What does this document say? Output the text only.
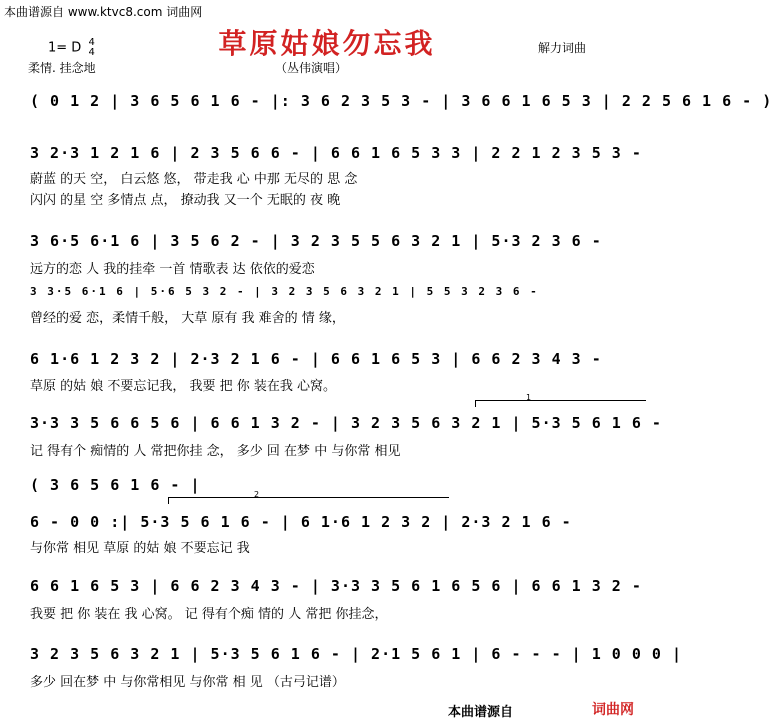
本曲谱源自 www.ktvc8.com 词曲网
草原姑娘勿忘我
1= D 4
4
柔情. 挂念地	（丛伟演唱）
解力词曲
( 0 1 2 | 3 6 5 6 1 6 - |: 3 6 2 3 5 3 - | 3 6 6 1 6 5 3 | 2 2 5 6 1 6 - )
3 2·3 1 2 1 6 | 2 3 5 6 6 - | 6 6 1 6 5 3 3 | 2 2 1 2 3 5 3 -
蔚蓝 的天 空， 白云悠 悠， 带走我 心 中那 无尽的 思 念
闪闪 的星 空 多情点 点， 撩动我 又一个 无眠的 夜 晚
3 6·5 6·1 6 | 3 5 6 2 - | 3 2 3 5 5 6 3 2 1 | 5·3 2 3 6 -
远方的恋 人 我的挂牵 一首 情歌表 达 依依的爱恋
3 3·5 6·1 6 | 5·6 5 3 2 - | 3 2 3 5 6 3 2 1 | 5 5 3 2 3 6 -
曾经的爱 恋，柔情千般， 大草 原有 我 难舍的 情 缘，
6 1·6 1 2 3 2 | 2·3 2 1 6 - | 6 6 1 6 5 3 | 6 6 2 3 4 3 -
草原 的姑 娘 不要忘记我， 我要 把 你 装在我 心窝。
1
3·3 3 5 6 6 5 6 | 6 6 1 3 2 - | 3 2 3 5 6 3 2 1 | 5·3 5 6 1 6 -
记 得有个 痴情的 人 常把你挂 念， 多少 回 在梦 中 与你常 相见
( 3 6 5 6 1 6 - |
2
6 - 0 0 :| 5·3 5 6 1 6 - | 6 1·6 1 2 3 2 | 2·3 2 1 6 -
与你常 相见 草原 的姑 娘 不要忘记 我
6 6 1 6 5 3 | 6 6 2 3 4 3 - | 3·3 3 5 6 1 6 5 6 | 6 6 1 3 2 -
我要 把 你 装在 我 心窝。 记 得有个痴 情的 人 常把 你挂念，
3 2 3 5 6 3 2 1 | 5·3 5 6 1 6 - | 2·1 5 6 1 | 6 - - - | 1 0 0 0 |
多少 回在梦 中 与你常相见 与你常 相 见 （古弓记谱）
本曲谱源自	词曲网
